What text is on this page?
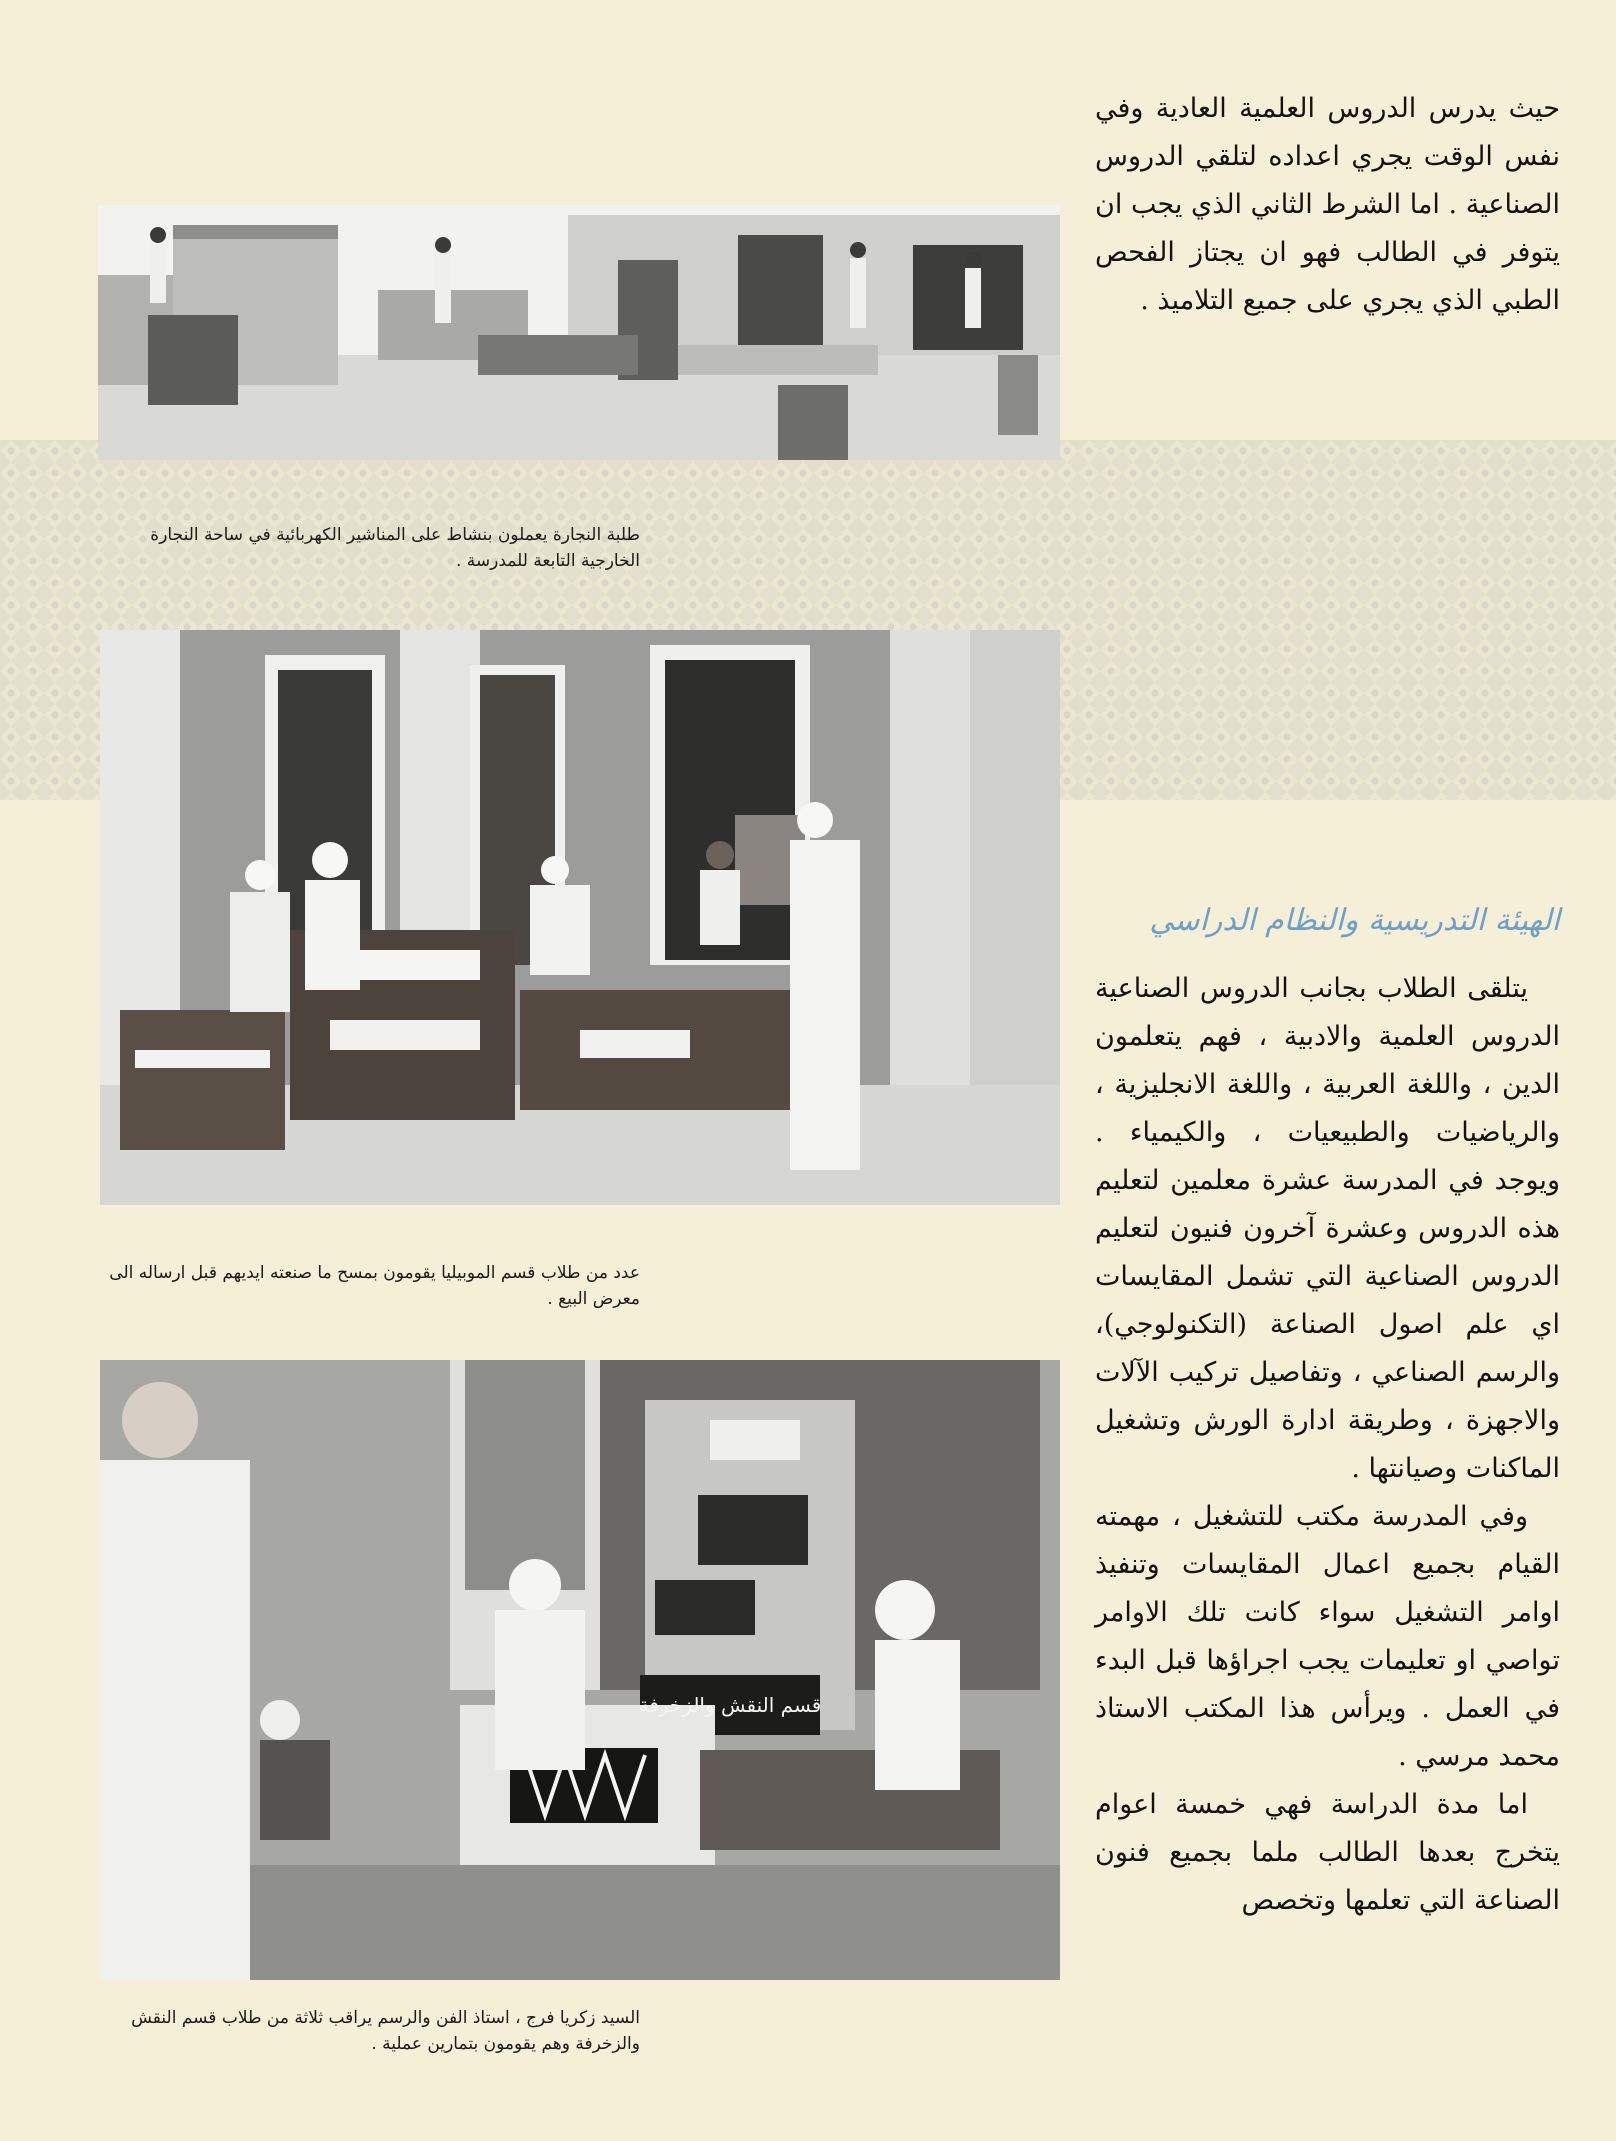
طلبة النجارة يعملون بنشاط على المناشير الكهربائية في ساحة النجارة الخارجية التابعة للمدرسة .
عدد من طلاب قسم الموبيليا يقومون بمسح ما صنعته ايديهم قبل ارساله الى معرض البيع .
قسم النقش والزخرفة
السيد زكريا فرج ، استاذ الفن والرسم يراقب ثلاثة من طلاب قسم النقش والزخرفة وهم يقومون بتمارين عملية .

حيث يدرس الدروس العلمية العادية وفي نفس الوقت يجري اعداده لتلقي الدروس الصناعية . اما الشرط الثاني الذي يجب ان يتوفر في الطالب فهو ان يجتاز الفحص الطبي الذي يجري على جميع التلاميذ .

الهيئة التدريسية والنظام الدراسي

يتلقى الطلاب بجانب الدروس الصناعية الدروس العلمية والادبية ، فهم يتعلمون الدين ، واللغة العربية ، واللغة الانجليزية ، والرياضيات والطبيعيات ، والكيمياء . ويوجد في المدرسة عشرة معلمين لتعليم هذه الدروس وعشرة آخرون فنيون لتعليم الدروس الصناعية التي تشمل المقايسات اي علم اصول الصناعة (التكنولوجي)، والرسم الصناعي ، وتفاصيل تركيب الآلات والاجهزة ، وطريقة ادارة الورش وتشغيل الماكنات وصيانتها .

وفي المدرسة مكتب للتشغيل ، مهمته القيام بجميع اعمال المقايسات وتنفيذ اوامر التشغيل سواء كانت تلك الاوامر تواصي او تعليمات يجب اجراؤها قبل البدء في العمل . ويرأس هذا المكتب الاستاذ محمد مرسي .

اما مدة الدراسة فهي خمسة اعوام يتخرج بعدها الطالب ملما بجميع فنون الصناعة التي تعلمها وتخصص
